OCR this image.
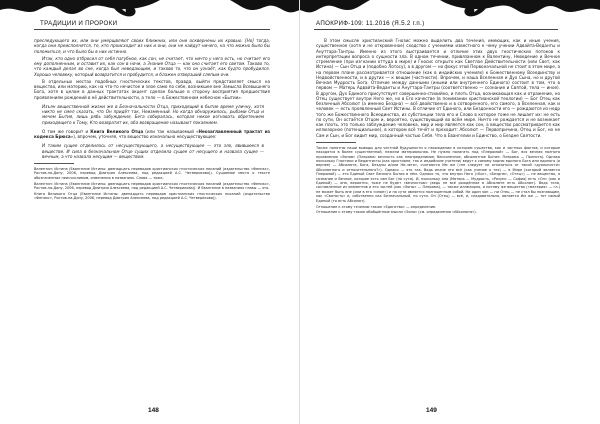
ТРАДИЦИИ И ПРОРОКИ

преследующего их, или они умерщвляют своих ближних, или они осквернены их кровью. [Но] тогда, когда они преисполнятся, те, кто происходит из них и они, они не найдут ничего, на что можно было бы положиться, и что было бы в них истинно.

Итак, кто одно отбросил от себя пагубное, как сон, не считает, что ничто у него есть, но считает его ему дополненным, и оставит их, как сон в ночи, а Знание Отца — как оно считает его светом. Таково то, что каждый делал во сне, когда был неведающим, и таково то, что он узнаёт, как будто пробудился. Хорошо человеку, который возвратится и пробудится, и блажен отверзший слепым очи.

В отдельных местах подобных гностических текстов, правда, выйти представляет смысл на вещество, или материю, как на что-то нечистое и злое само по себе, возникшее вне Замысла Всевышнего Бога, хотя в целом в данных трактатах акцент сделан больше в сторону восприятия предшествия проявлениям рождений в её действительности, а тело — в Божественном небесном «Бытии».

Изъян вещественной жизни же в Безначальности Отца, приходящий в бытие время уличну, хотя никто не смел сказать, что Он придёт так, Неизменный. Но когда обнаружилось, рыбами Отца и мечем Бытия, лишь рябь забуждения, Бега собиралась, которая некое изгнавать обретением приходящего к Тому, Кто возвратит их, оба возвращение называют покаянием.

О том же говорит и Книга Великого Отца (или так называемый «Неозаглавленный трактат из кодекса Брюса»), впрочем, уточняя, что вещество изначально несуществующее:

И таким сущее отделилось от несуществующего, а несуществующее — это зло, явившееся в веществе. И сила в безначальном Отце сущих отделила сущее от несущего и назвала сущее — вечным, а что назвала несущим — веществом.

Валентин: Истина (Евангелие Истины: двенадцать переводов христианских гностических писаний (издательство «Феникс», Ростов-на-Дону, 2006, перевод Дмитрия Алексеева, под редакцией А.С. Четверикова)). Сущаемое место о тексте обозначенных неисчислимом, изменения в названиях. Слова — тоже.

Валентин: Истина (Евангелие Истины: двенадцать переводов христианских гностических писаний (издательство «Феникс», Ростов-на-Дону, 2006, перевод Дмитрия Алексеева, под редакцией А.С. Четверикова)). И Евангелие в названиях главы — это.

Книга Великого Отца (Евангелие Истины: двенадцать переводов христианских гностических писаний (издательство «Феникс», Ростов-на-Дону, 2006, перевод Дмитрия Алексеева, под редакцией А.С. Четверикова)).

148
АПОКРИФ-109: 11.2016 (Я.5.2 г.п.)

В этом смысле христианский Гнозис можно выделить два течения, имеющих, как и иные учения, существенное (хотя и не откровенное) сходство с учениями известного к чему учении Адвайта-Веданты и Ануттара-Тантры. Именно из этого выстраивается и отличие этих двух гностических потоков к интерпретации вопроса о сущности зла. В одном течении, привязанном к Валентину, Неведение и Вечное стремление (при изгнании оттуда в мире) и Гносис открыто как Светлое Действительности (или Свет, как Истина) — Сын Отца и (подобно Лотосу), а в другом — но фокус этой Первоначальной не стоит в этом мире, а на первом плане рассматривается отношение (как в индийских учениях) к Божественному Всеединству и Недвойственности, и в других — к вещам (частности). Впрочем, и наша Вселенная и Дух Сына, но и другой Вечная Мудрость Бога. Отличие между данными (иными или внутреннего Единого) состоит в том, что в первом — Матерь Адвайта-Веданты и Ануттара-Тантры (соответственно — сознание и Святой, тела — иное). В другом, Дух Единого присутствует совершенно-стихийно, и плоть Отца, возникающая как и отражение, но Отец существует внутри Него же, но в Его качестве (в понимании христианской теологии) — Бог Отец как безличный Абсолют (а именно Бездна) — всё двойственно и в сотворенного, его самого, а Вселенная, как и человек — есть проявленный Свет Истины. В отличие от Единого, или Бездонности его — рождаются из недр того же Божественного Всеединства, из субстанции тела его и Слово в которое тоже не лишает их: не есть по сути, Он остаётся Отцом и, вероятно, существующий во всём мире. Ничто не рождается и не возникает как плоть, это только заблуждение человека, мир и мир является как сон, а вещество рассматривается как иллюзорное (потенциальное), в котором всё течёт и преходит: Абсолют — Первопричина, Отец и Бог, но не Сам и Сын, и Бог видит мир, созданный частью Себя. Что в Евангелии и Единство, о Бездне Святости.

Также понятны наши выводы для честной будущности о нахождении в котором существа, как и частных фактов, и которые находятся в более существенной, нежели материальная. Не нужно полагать под «Плеромой» — Бог, вся вечная полнота проявления «Эонов» (Плерома: вечность как неопределимое, бесконечное, абсолютное Бытие. Плерома — Полнота). Однако поскольку Гностики и Ведантисты (как христиане, так и индийские учители) ведут к самому корню единого Бога или единого (а вернее) — Абсолюта, Бога, Бездны и/или Ни-чего», считаются Им же («не следует ли отказаться от такой «дуальности» Абсолютного и относительного?»). Однако — это так. Ведь иначе это всё (как учение о тех) — в Мире (который является Плеромой) — это Единый Свет Вечного Бытия в нём. Однако то, что внутри Него («Бог», «Бездна», «Отец») — не вещество, а сознание и Вечное, которое есть сам Бог (по сути). И, поскольку она (Матерь — Мудрость, «Разум» — София) есть «Он» (как и Единый) — она, вероятно, тоже не будет «вечностью» (ведь не всё рождённое в Абсолюте есть Абсолют). Ведь тело, составленное из элементов и его частей (как «Эоны» — Плерома), — также иллюзорно, и потому же вещество («материя» — гл.) не может быть вне (или в его «иное») и по сути является полноценным собой. Ни один эон — ни Отец — не стал бы познающим, как «Святость» и, собственно как Безначальный, по сути. Он (Отец) — всё, и, следовательно, является Им же — тот самый Единый (то есть Абсолют).

Отношение к этому течению также «Единство» — определение.

Отношение к этому также обобщённые мысли «Эона» (см. определения «Абсолюта»).

149
